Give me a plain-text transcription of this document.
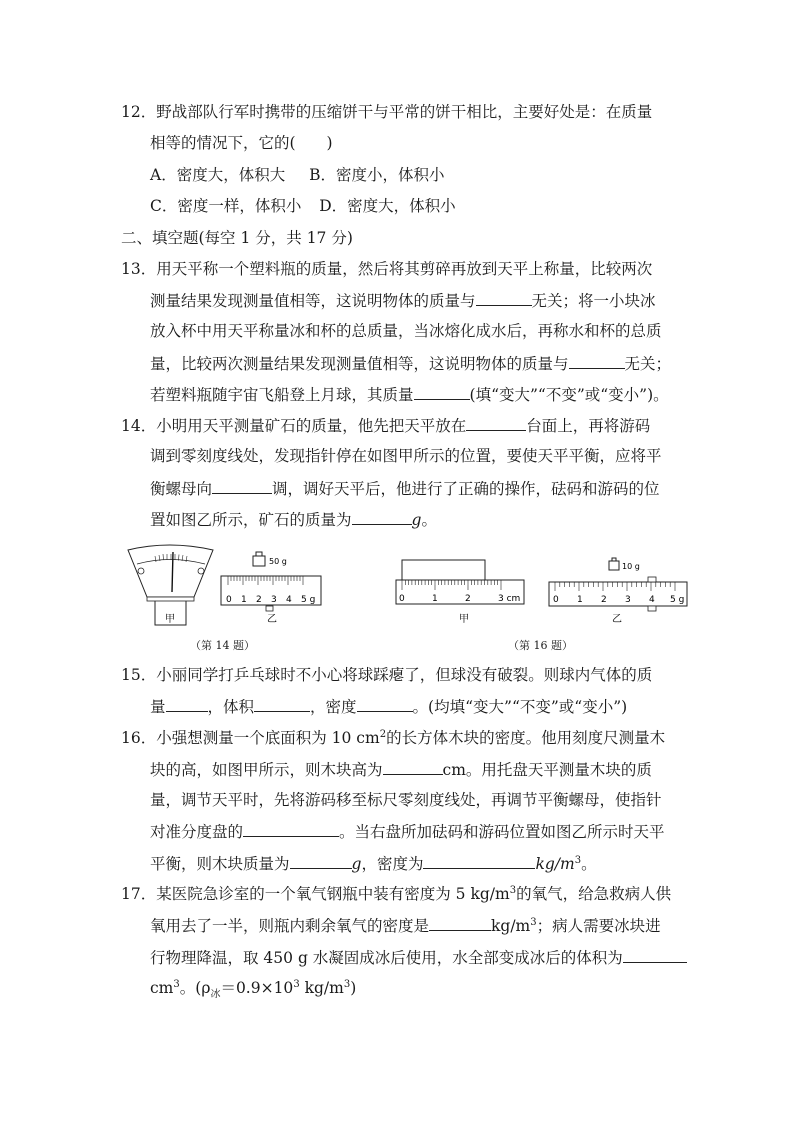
12．野战部队行军时携带的压缩饼干与平常的饼干相比，主要好处是：在质量
相等的情况下，它的(　　)
A．密度大，体积大 B．密度小，体积小
C．密度一样，体积小 D．密度大，体积小
二、填空题(每空 1 分，共 17 分)
13．用天平称一个塑料瓶的质量，然后将其剪碎再放到天平上称量，比较两次
测量结果发现测量值相等，这说明物体的质量与	无关；将一小块冰
放入杯中用天平称量冰和杯的总质量，当冰熔化成水后，再称水和杯的总质
量，比较两次测量结果发现测量值相等，这说明物体的质量与	无关；
若塑料瓶随宇宙飞船登上月球，其质量	(填“变大”“不变”或“变小”)。
14．小明用天平测量矿石的质量，他先把天平放在	台面上，再将游码
调到零刻度线处，发现指针停在如图甲所示的位置，要使天平平衡，应将平
衡螺母向	调，调好天平后，他进行了正确的操作，砝码和游码的位
置如图乙所示，矿石的质量为	g。
50 g
0 1 2 3 4 5 g
甲	乙
（第 14 题）
0	1	2	3 cm
甲
10 g
0 1 2 3 4 5 g
乙
（第 16 题）
15．小丽同学打乒乓球时不小心将球踩瘪了，但球没有破裂。则球内气体的质
量	，体积	，密度	。(均填“变大”“不变”或“变小”)
16．小强想测量一个底面积为 10 $cm^2$的长方体木块的密度。他用刻度尺测量木
块的高，如图甲所示，则木块高为	cm。用托盘天平测量木块的质
量，调节天平时，先将游码移至标尺零刻度线处，再调节平衡螺母，使指针
对准分度盘的	。当右盘所加砝码和游码位置如图乙所示时天平
平衡，则木块质量为	g，密度为	$kg/m^3$。
17．某医院急诊室的一个氧气钢瓶中装有密度为 5 $kg/m^3$的氧气，给急救病人供
氧用去了一半，则瓶内剩余氧气的密度是	$kg/m^3$；病人需要冰块进
行物理降温，取 450 g 水凝固成冰后使用，水全部变成冰后的体积为
$cm^3$。($\rho_冰=0.9\times 10^3$ $kg/m^3$)
